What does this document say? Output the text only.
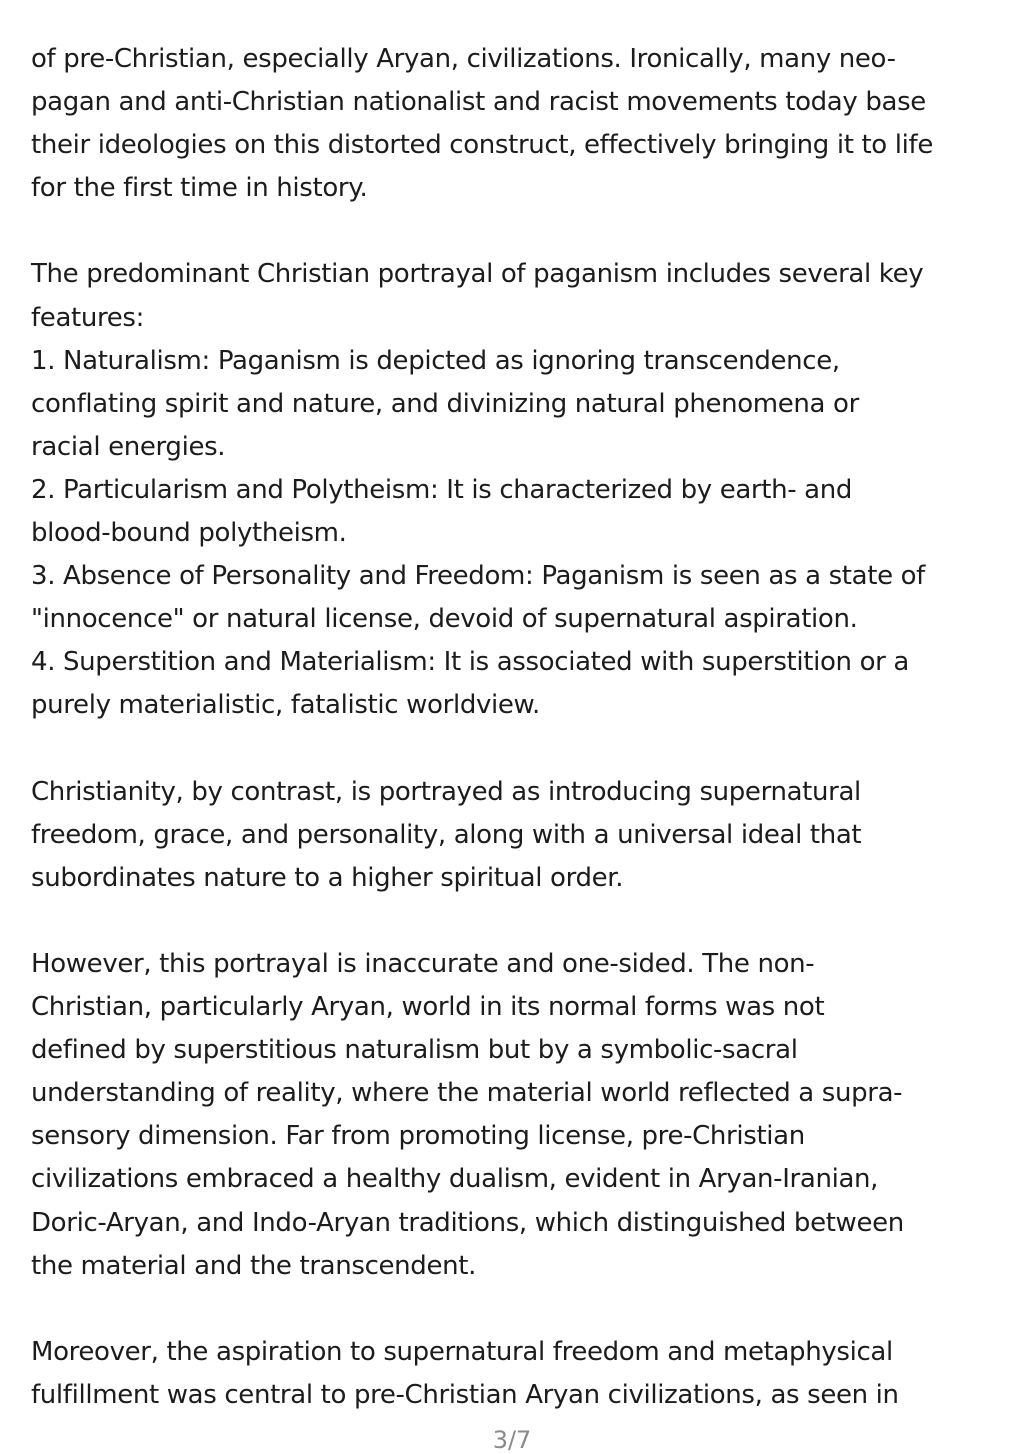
of pre-Christian, especially Aryan, civilizations. Ironically, many neo-
pagan and anti-Christian nationalist and racist movements today base
their ideologies on this distorted construct, effectively bringing it to life
for the first time in history.
The predominant Christian portrayal of paganism includes several key
features:
1. Naturalism: Paganism is depicted as ignoring transcendence,
conflating spirit and nature, and divinizing natural phenomena or
racial energies.
2. Particularism and Polytheism: It is characterized by earth- and
blood-bound polytheism.
3. Absence of Personality and Freedom: Paganism is seen as a state of
"innocence" or natural license, devoid of supernatural aspiration.
4. Superstition and Materialism: It is associated with superstition or a
purely materialistic, fatalistic worldview.
Christianity, by contrast, is portrayed as introducing supernatural
freedom, grace, and personality, along with a universal ideal that
subordinates nature to a higher spiritual order.
However, this portrayal is inaccurate and one-sided. The non-
Christian, particularly Aryan, world in its normal forms was not
defined by superstitious naturalism but by a symbolic-sacral
understanding of reality, where the material world reflected a supra-
sensory dimension. Far from promoting license, pre-Christian
civilizations embraced a healthy dualism, evident in Aryan-Iranian,
Doric-Aryan, and Indo-Aryan traditions, which distinguished between
the material and the transcendent.
Moreover, the aspiration to supernatural freedom and metaphysical
fulfillment was central to pre-Christian Aryan civilizations, as seen in
3/7
